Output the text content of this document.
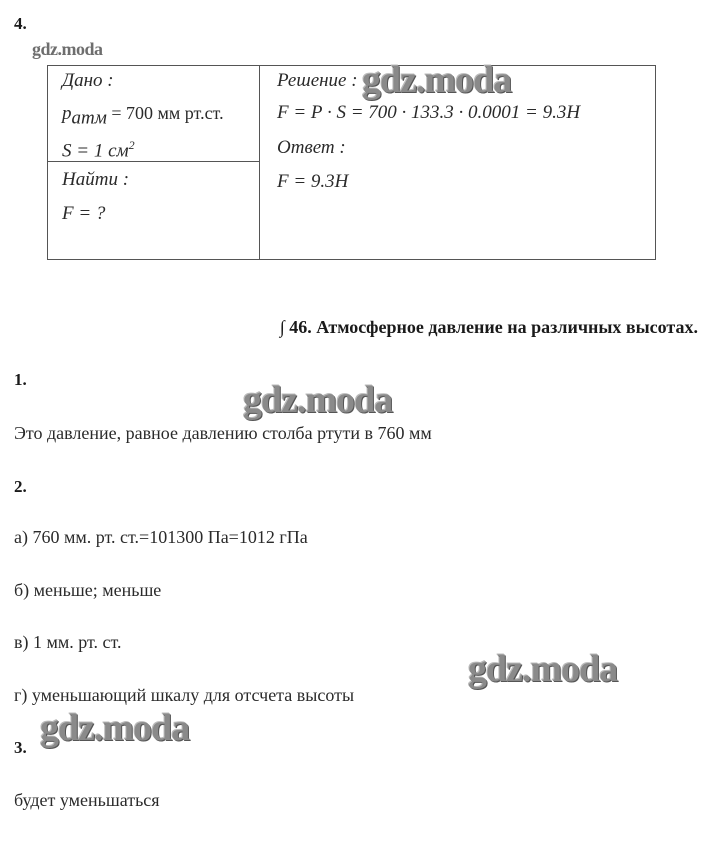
4.
gdz.moda
Дано :
$p_{атм} = 700$ мм рт.ст.
S = 1 $см^2$
Найти :
F = ?
Решение :
F = P · S = 700 · 133.3 · 0.0001 = 9.3H
Ответ :
F = 9.3H
gdz.moda
∫ 46. Атмосферное давление на различных высотах.
1.	gdz.moda
Это давление, равное давлению столба ртути в 760 мм
2.
а) 760 мм. рт. ст.=101300 Па=1012 гПа
б) меньше; меньше
в) 1 мм. рт. ст.
gdz.moda
г) уменьшающий шкалу для отсчета высоты
3. gdz.moda
будет уменьшаться
